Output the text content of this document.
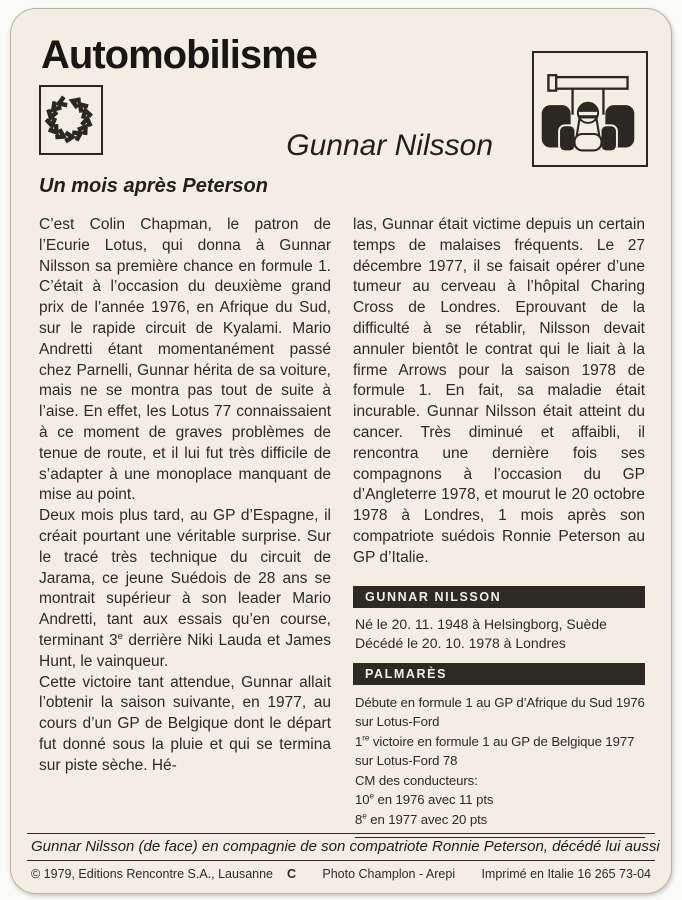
Automobilisme
Gunnar Nilsson
Un mois après Peterson

C’est Colin Chapman, le patron de l’Ecurie Lotus, qui donna à Gunnar Nilsson sa première chance en formule 1. C’était à l’occasion du deuxième grand prix de l’année 1976, en Afrique du Sud, sur le rapide circuit de Kyalami. Mario Andretti étant momentanément passé chez Parnelli, Gunnar hérita de sa voiture, mais ne se montra pas tout de suite à l’aise. En effet, les Lotus 77 connaissaient à ce moment de graves problèmes de tenue de route, et il lui fut très difficile de s’adapter à une monoplace manquant de mise au point.

Deux mois plus tard, au GP d’Espagne, il créait pourtant une véritable surprise. Sur le tracé très technique du circuit de Jarama, ce jeune Suédois de 28 ans se montrait supérieur à son leader Mario Andretti, tant aux essais qu’en course, terminant 3e derrière Niki Lauda et James Hunt, le vainqueur.

Cette victoire tant attendue, Gunnar allait l’obtenir la saison suivante, en 1977, au cours d’un GP de Belgique dont le départ fut donné sous la pluie et qui se termina sur piste sèche. Hé-

las, Gunnar était victime depuis un certain temps de malaises fréquents. Le 27 décembre 1977, il se faisait opérer d’une tumeur au cerveau à l’hôpital Charing Cross de Londres. Eprouvant de la difficulté à se rétablir, Nilsson devait annuler bientôt le contrat qui le liait à la firme Arrows pour la saison 1978 de formule 1. En fait, sa maladie était incurable. Gunnar Nilsson était atteint du cancer. Très diminué et affaibli, il rencontra une dernière fois ses compagnons à l’occasion du GP d’Angleterre 1978, et mourut le 20 octobre 1978 à Londres, 1 mois après son compatriote suédois Ronnie Peterson au GP d’Italie.

GUNNAR NILSSON
Né le 20. 11. 1948 à Helsingborg, Suède
Décédé le 20. 10. 1978 à Londres
PALMARÈS
Débute en formule 1 au GP d’Afrique du Sud 1976 sur Lotus-Ford
1re victoire en formule 1 au GP de Belgique 1977 sur Lotus-Ford 78
CM des conducteurs:
10e en 1976 avec 11 pts
8e en 1977 avec 20 pts
Gunnar Nilsson (de face) en compagnie de son compatriote Ronnie Peterson, décédé lui aussi
© 1979, Editions Rencontre S.A., Lausanne C	Photo Champlon - Arepi	Imprimé en Italie 16 265 73-04
